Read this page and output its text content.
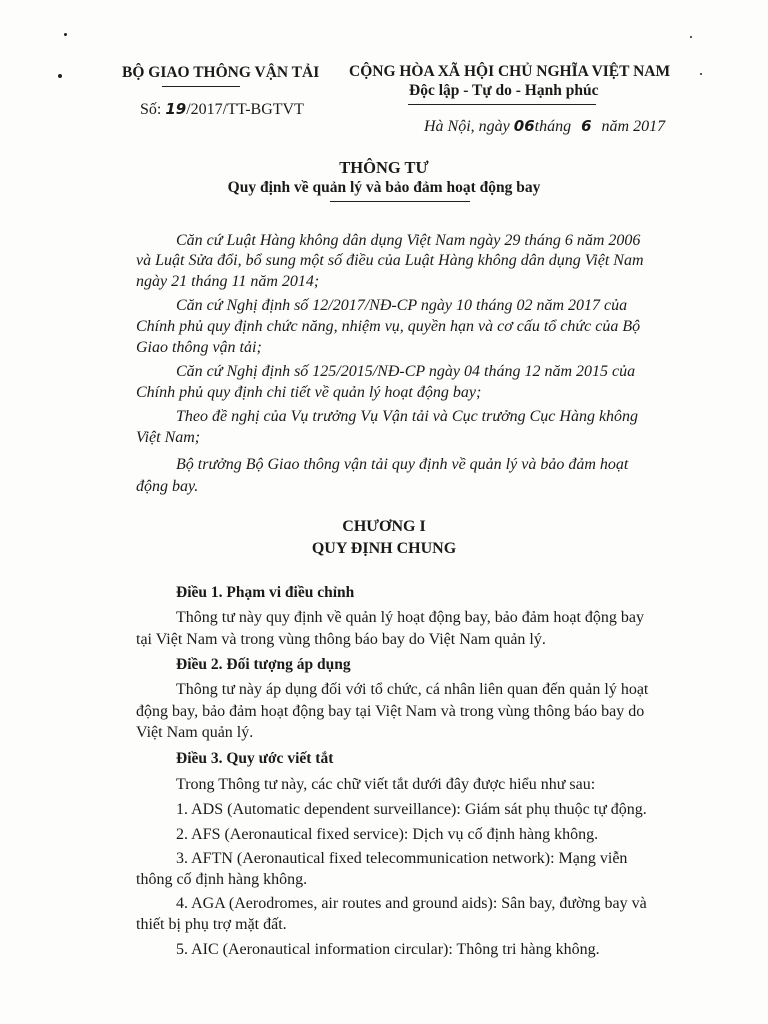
BỘ GIAO THÔNG VẬN TẢI
Số: 19/2017/TT-BGTVT
CỘNG HÒA XÃ HỘI CHỦ NGHĨA VIỆT NAM
Độc lập - Tự do - Hạnh phúc
Hà Nội, ngày 06tháng 6 năm 2017
THÔNG TƯ
Quy định về quản lý và bảo đảm hoạt động bay
Căn cứ Luật Hàng không dân dụng Việt Nam ngày 29 tháng 6 năm 2006
và Luật Sửa đổi, bổ sung một số điều của Luật Hàng không dân dụng Việt Nam
ngày 21 tháng 11 năm 2014;
Căn cứ Nghị định số 12/2017/NĐ-CP ngày 10 tháng 02 năm 2017 của
Chính phủ quy định chức năng, nhiệm vụ, quyền hạn và cơ cấu tổ chức của Bộ
Giao thông vận tải;
Căn cứ Nghị định số 125/2015/NĐ-CP ngày 04 tháng 12 năm 2015 của
Chính phủ quy định chi tiết về quản lý hoạt động bay;
Theo đề nghị của Vụ trưởng Vụ Vận tải và Cục trưởng Cục Hàng không
Việt Nam;
Bộ trưởng Bộ Giao thông vận tải quy định về quản lý và bảo đảm hoạt
động bay.
CHƯƠNG I
QUY ĐỊNH CHUNG
Điều 1. Phạm vi điều chỉnh
Thông tư này quy định về quản lý hoạt động bay, bảo đảm hoạt động bay
tại Việt Nam và trong vùng thông báo bay do Việt Nam quản lý.
Điều 2. Đối tượng áp dụng
Thông tư này áp dụng đối với tổ chức, cá nhân liên quan đến quản lý hoạt
động bay, bảo đảm hoạt động bay tại Việt Nam và trong vùng thông báo bay do
Việt Nam quản lý.
Điều 3. Quy ước viết tắt
Trong Thông tư này, các chữ viết tắt dưới đây được hiểu như sau:
1. ADS (Automatic dependent surveillance): Giám sát phụ thuộc tự động.
2. AFS (Aeronautical fixed service): Dịch vụ cố định hàng không.
3. AFTN (Aeronautical fixed telecommunication network): Mạng viễn
thông cố định hàng không.
4. AGA (Aerodromes, air routes and ground aids): Sân bay, đường bay và
thiết bị phụ trợ mặt đất.
5. AIC (Aeronautical information circular): Thông tri hàng không.
